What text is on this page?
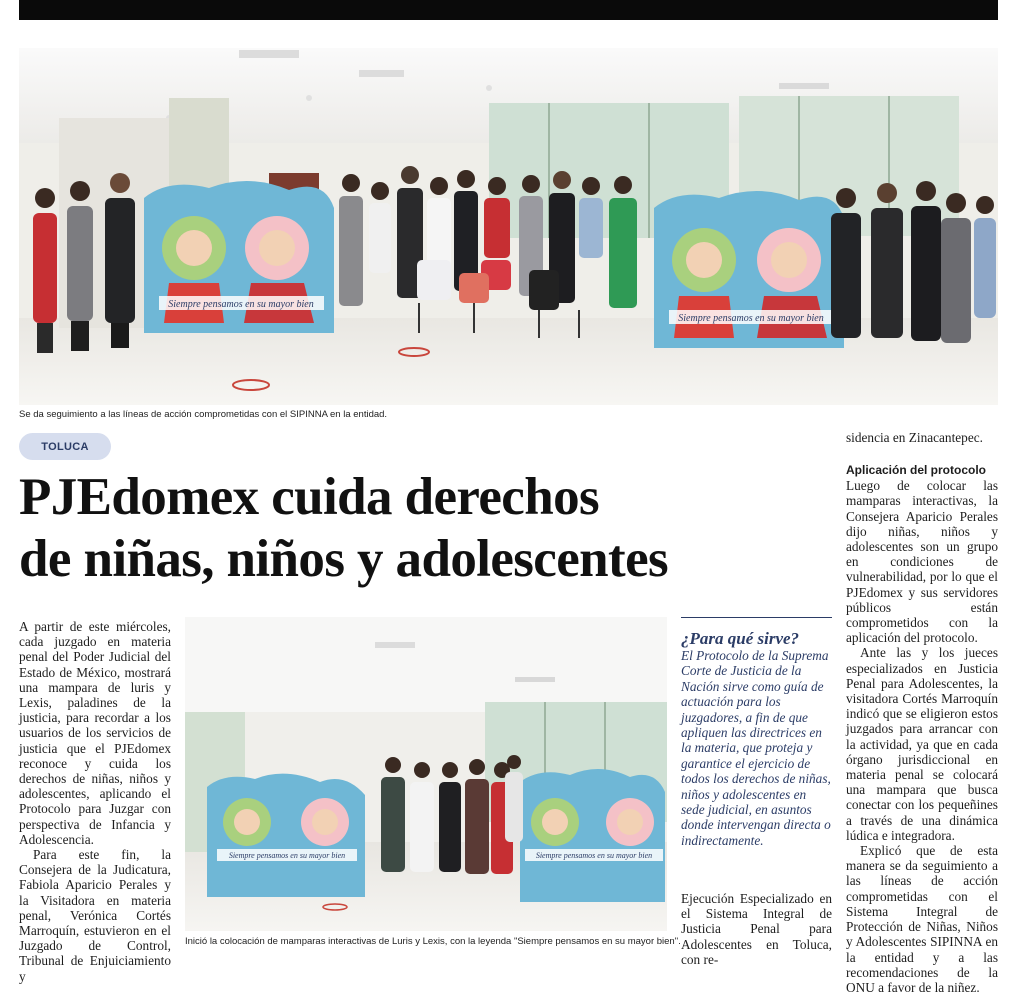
Siempre pensamos en su mayor bien
Siempre pensamos en su mayor bien
Se da seguimiento a las líneas de acción comprometidas con el SIPINNA en la entidad.
TOLUCA
PJEdomex cuida derechos
de niñas, niños y adolescentes

A partir de este miércoles, cada juzgado en materia penal del Poder Judicial del Estado de México, mostrará una mampara de luris y Lexis, paladines de la justicia, para recordar a los usuarios de los servicios de justicia que el PJEdomex reconoce y cuida los derechos de niñas, niños y adolescentes, aplicando el Protocolo para Juzgar con perspectiva de Infancia y Adolescencia.

Para este fin, la Consejera de la Judicatura, Fabiola Aparicio Perales y la Visitadora en materia penal, Verónica Cortés Marroquín, estuvieron en el Juzgado de Control, Tribunal de Enjuiciamiento y

Siempre pensamos en su mayor bien	Siempre pensamos en su mayor bien
Inició la colocación de mamparas interactivas de Luris y Lexis, con la leyenda "Siempre pensamos en su mayor bien".
¿Para qué sirve?
El Protocolo de la Suprema Corte de Justicia de la Nación sirve como guía de actuación para los juzgadores, a fin de que apliquen las directrices en la materia, que proteja y garantice el ejercicio de todos los derechos de niñas, niños y adolescentes en sede judicial, en asuntos donde intervengan directa o indirectamente.

Ejecución Especializado en el Sistema Integral de Justicia Penal para Adolescentes en Toluca, con re-

sidencia en Zinacantepec.

Aplicación del protocolo

Luego de colocar las mamparas interactivas, la Consejera Aparicio Perales dijo niñas, niños y adolescentes son un grupo en condiciones de vulnerabilidad, por lo que el PJEdomex y sus servidores públicos están comprometidos con la aplicación del protocolo.

Ante las y los jueces especializados en Justicia Penal para Adolescentes, la visitadora Cortés Marroquín indicó que se eligieron estos juzgados para arrancar con la actividad, ya que en cada órgano jurisdiccional en materia penal se colocará una mampara que busca conectar con los pequeñines a través de una dinámica lúdica e integradora.

Explicó que de esta manera se da seguimiento a las líneas de acción comprometidas con el Sistema Integral de Protección de Niñas, Niños y Adolescentes SIPINNA en la entidad y a las recomendaciones de la ONU a favor de la niñez.
